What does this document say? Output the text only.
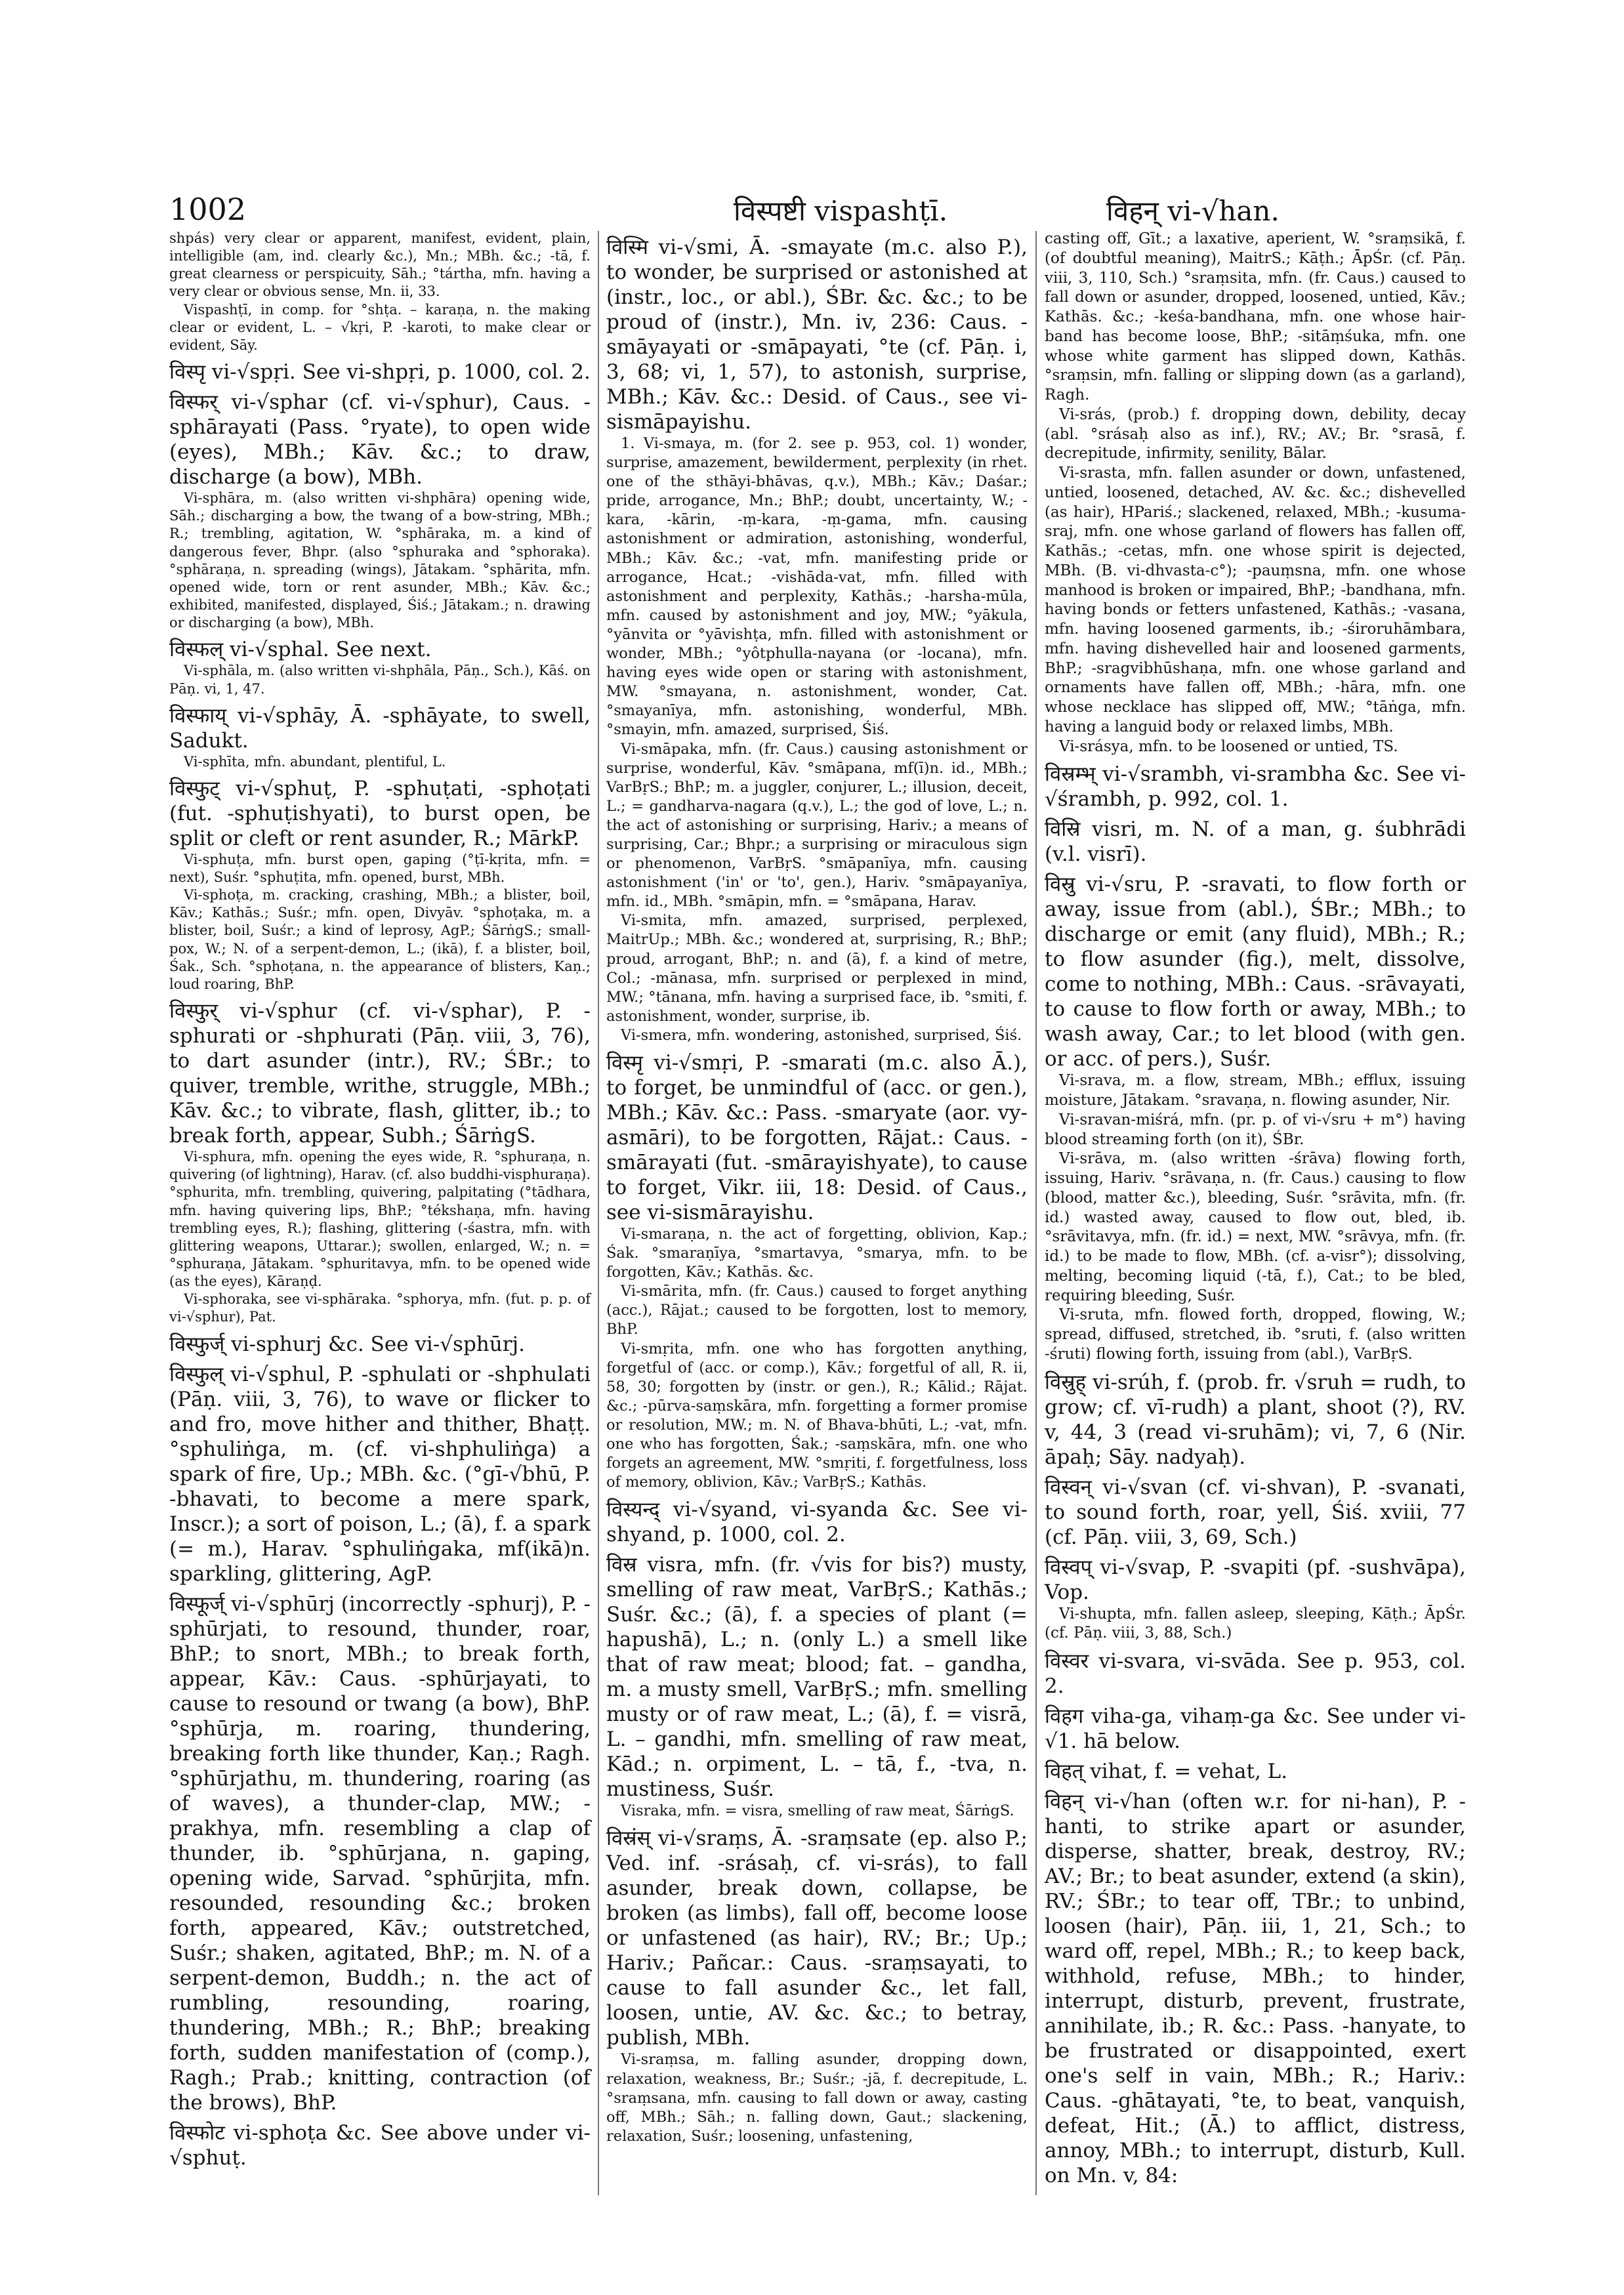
1002	विस्पष्टी vispashṭī.	विहन् vi-√han.

shpás) very clear or apparent, manifest, evident, plain, intelligible (am, ind. clearly &c.), Mn.; MBh. &c.; -tā, f. great clearness or perspicuity, Sāh.; °tártha, mfn. having a very clear or obvious sense, Mn. ii, 33.

Vispashṭī, in comp. for °shṭa. – karaṇa, n. the making clear or evident, L. – √kṛi, P. -karoti, to make clear or evident, Sāy.

विस्पृ vi-√spṛi. See vi-shpṛi, p. 1000, col. 2.

विस्फर् vi-√sphar (cf. vi-√sphur), Caus. -sphārayati (Pass. °ryate), to open wide (eyes), MBh.; Kāv. &c.; to draw, discharge (a bow), MBh.

Vi-sphāra, m. (also written vi-shphāra) opening wide, Sāh.; discharging a bow, the twang of a bow-string, MBh.; R.; trembling, agitation, W. °sphāraka, m. a kind of dangerous fever, Bhpr. (also °sphuraka and °sphoraka). °sphāraṇa, n. spreading (wings), Jātakam. °sphārita, mfn. opened wide, torn or rent asunder, MBh.; Kāv. &c.; exhibited, manifested, displayed, Śiś.; Jātakam.; n. drawing or discharging (a bow), MBh.

विस्फल् vi-√sphal. See next.

Vi-sphāla, m. (also written vi-shphāla, Pāṇ., Sch.), Kāś. on Pāṇ. vi, 1, 47.

विस्फाय् vi-√sphāy, Ā. -sphāyate, to swell, Sadukt.

Vi-sphīta, mfn. abundant, plentiful, L.

विस्फुट् vi-√sphuṭ, P. -sphuṭati, -sphoṭati (fut. -sphuṭishyati), to burst open, be split or cleft or rent asunder, R.; MārkP.

Vi-sphuṭa, mfn. burst open, gaping (°ṭī-kṛita, mfn. = next), Suśr. °sphuṭita, mfn. opened, burst, MBh.

Vi-sphoṭa, m. cracking, crashing, MBh.; a blister, boil, Kāv.; Kathās.; Suśr.; mfn. open, Divyāv. °sphoṭaka, m. a blister, boil, Suśr.; a kind of leprosy, AgP.; ŚārṅgS.; small-pox, W.; N. of a serpent-demon, L.; (ikā), f. a blister, boil, Śak., Sch. °sphoṭana, n. the appearance of blisters, Kaṇ.; loud roaring, BhP.

विस्फुर् vi-√sphur (cf. vi-√sphar), P. -sphurati or -shphurati (Pāṇ. viii, 3, 76), to dart asunder (intr.), RV.; ŚBr.; to quiver, tremble, writhe, struggle, MBh.; Kāv. &c.; to vibrate, flash, glitter, ib.; to break forth, appear, Subh.; ŚārṅgS.

Vi-sphura, mfn. opening the eyes wide, R. °sphuraṇa, n. quivering (of lightning), Harav. (cf. also buddhi-visphuraṇa). °sphurita, mfn. trembling, quivering, palpitating (°tādhara, mfn. having quivering lips, BhP.; °tékshaṇa, mfn. having trembling eyes, R.); flashing, glittering (-śastra, mfn. with glittering weapons, Uttarar.); swollen, enlarged, W.; n. = °sphuraṇa, Jātakam. °sphuritavya, mfn. to be opened wide (as the eyes), Kāraṇḍ.

Vi-sphoraka, see vi-sphāraka. °sphorya, mfn. (fut. p. p. of vi-√sphur), Pat.

विस्फुर्ज् vi-sphurj &c. See vi-√sphūrj.

विस्फुल् vi-√sphul, P. -sphulati or -shphulati (Pāṇ. viii, 3, 76), to wave or flicker to and fro, move hither and thither, Bhaṭṭ. °sphuliṅga, m. (cf. vi-shphuliṅga) a spark of fire, Up.; MBh. &c. (°gī-√bhū, P. -bhavati, to become a mere spark, Inscr.); a sort of poison, L.; (ā), f. a spark (= m.), Harav. °sphuliṅgaka, mf(ikā)n. sparkling, glittering, AgP.

विस्फूर्ज् vi-√sphūrj (incorrectly -sphurj), P. -sphūrjati, to resound, thunder, roar, BhP.; to snort, MBh.; to break forth, appear, Kāv.: Caus. -sphūrjayati, to cause to resound or twang (a bow), BhP. °sphūrja, m. roaring, thundering, breaking forth like thunder, Kaṇ.; Ragh. °sphūrjathu, m. thundering, roaring (as of waves), a thunder-clap, MW.; -prakhya, mfn. resembling a clap of thunder, ib. °sphūrjana, n. gaping, opening wide, Sarvad. °sphūrjita, mfn. resounded, resounding &c.; broken forth, appeared, Kāv.; outstretched, Suśr.; shaken, agitated, BhP.; m. N. of a serpent-demon, Buddh.; n. the act of rumbling, resounding, roaring, thundering, MBh.; R.; BhP.; breaking forth, sudden manifestation of (comp.), Ragh.; Prab.; knitting, contraction (of the brows), BhP.

विस्फोट vi-sphoṭa &c. See above under vi-√sphuṭ.

विस्मि vi-√smi, Ā. -smayate (m.c. also P.), to wonder, be surprised or astonished at (instr., loc., or abl.), ŚBr. &c. &c.; to be proud of (instr.), Mn. iv, 236: Caus. -smāyayati or -smāpayati, °te (cf. Pāṇ. i, 3, 68; vi, 1, 57), to astonish, surprise, MBh.; Kāv. &c.: Desid. of Caus., see vi-sismāpayishu.

1. Vi-smaya, m. (for 2. see p. 953, col. 1) wonder, surprise, amazement, bewilderment, perplexity (in rhet. one of the sthāyi-bhāvas, q.v.), MBh.; Kāv.; Daśar.; pride, arrogance, Mn.; BhP.; doubt, uncertainty, W.; -kara, -kārin, -ṃ-kara, -ṃ-gama, mfn. causing astonishment or admiration, astonishing, wonderful, MBh.; Kāv. &c.; -vat, mfn. manifesting pride or arrogance, Hcat.; -vishāda-vat, mfn. filled with astonishment and perplexity, Kathās.; -harsha-mūla, mfn. caused by astonishment and joy, MW.; °yākula, °yānvita or °yāvishṭa, mfn. filled with astonishment or wonder, MBh.; °yôtphulla-nayana (or -locana), mfn. having eyes wide open or staring with astonishment, MW. °smayana, n. astonishment, wonder, Cat. °smayanīya, mfn. astonishing, wonderful, MBh. °smayin, mfn. amazed, surprised, Śiś.

Vi-smāpaka, mfn. (fr. Caus.) causing astonishment or surprise, wonderful, Kāv. °smāpana, mf(ī)n. id., MBh.; VarBṛS.; BhP.; m. a juggler, conjurer, L.; illusion, deceit, L.; = gandharva-nagara (q.v.), L.; the god of love, L.; n. the act of astonishing or surprising, Hariv.; a means of surprising, Car.; Bhpr.; a surprising or miraculous sign or phenomenon, VarBṛS. °smāpanīya, mfn. causing astonishment ('in' or 'to', gen.), Hariv. °smāpayanīya, mfn. id., MBh. °smāpin, mfn. = °smāpana, Harav.

Vi-smita, mfn. amazed, surprised, perplexed, MaitrUp.; MBh. &c.; wondered at, surprising, R.; BhP.; proud, arrogant, BhP.; n. and (ā), f. a kind of metre, Col.; -mānasa, mfn. surprised or perplexed in mind, MW.; °tānana, mfn. having a surprised face, ib. °smiti, f. astonishment, wonder, surprise, ib.

Vi-smera, mfn. wondering, astonished, surprised, Śiś.

विस्मृ vi-√smṛi, P. -smarati (m.c. also Ā.), to forget, be unmindful of (acc. or gen.), MBh.; Kāv. &c.: Pass. -smaryate (aor. vy-asmāri), to be forgotten, Rājat.: Caus. -smārayati (fut. -smārayishyate), to cause to forget, Vikr. iii, 18: Desid. of Caus., see vi-sismārayishu.

Vi-smaraṇa, n. the act of forgetting, oblivion, Kap.; Śak. °smaraṇīya, °smartavya, °smarya, mfn. to be forgotten, Kāv.; Kathās. &c.

Vi-smārita, mfn. (fr. Caus.) caused to forget anything (acc.), Rājat.; caused to be forgotten, lost to memory, BhP.

Vi-smṛita, mfn. one who has forgotten anything, forgetful of (acc. or comp.), Kāv.; forgetful of all, R. ii, 58, 30; forgotten by (instr. or gen.), R.; Kālid.; Rājat. &c.; -pūrva-saṃskāra, mfn. forgetting a former promise or resolution, MW.; m. N. of Bhava-bhūti, L.; -vat, mfn. one who has forgotten, Śak.; -saṃskāra, mfn. one who forgets an agreement, MW. °smṛiti, f. forgetfulness, loss of memory, oblivion, Kāv.; VarBṛS.; Kathās.

विस्यन्द् vi-√syand, vi-syanda &c. See vi-shyand, p. 1000, col. 2.

विस्र visra, mfn. (fr. √vis for bis?) musty, smelling of raw meat, VarBṛS.; Kathās.; Suśr. &c.; (ā), f. a species of plant (= hapushā), L.; n. (only L.) a smell like that of raw meat; blood; fat. – gandha, m. a musty smell, VarBṛS.; mfn. smelling musty or of raw meat, L.; (ā), f. = visrā, L. – gandhi, mfn. smelling of raw meat, Kād.; n. orpiment, L. – tā, f., -tva, n. mustiness, Suśr.

Visraka, mfn. = visra, smelling of raw meat, ŚārṅgS.

विस्रंस् vi-√sraṃs, Ā. -sraṃsate (ep. also P.; Ved. inf. -srásaḥ, cf. vi-srás), to fall asunder, break down, collapse, be broken (as limbs), fall off, become loose or unfastened (as hair), RV.; Br.; Up.; Hariv.; Pañcar.: Caus. -sraṃsayati, to cause to fall asunder &c., let fall, loosen, untie, AV. &c. &c.; to betray, publish, MBh.

Vi-sraṃsa, m. falling asunder, dropping down, relaxation, weakness, Br.; Suśr.; -jā, f. decrepitude, L. °sraṃsana, mfn. causing to fall down or away, casting off, MBh.; Sāh.; n. falling down, Gaut.; slackening, relaxation, Suśr.; loosening, unfastening,

casting off, Gīt.; a laxative, aperient, W. °sraṃsikā, f. (of doubtful meaning), MaitrS.; Kāṭh.; ĀpŚr. (cf. Pāṇ. viii, 3, 110, Sch.) °sraṃsita, mfn. (fr. Caus.) caused to fall down or asunder, dropped, loosened, untied, Kāv.; Kathās. &c.; -keśa-bandhana, mfn. one whose hair-band has become loose, BhP.; -sitāṃśuka, mfn. one whose white garment has slipped down, Kathās. °sraṃsin, mfn. falling or slipping down (as a garland), Ragh.

Vi-srás, (prob.) f. dropping down, debility, decay (abl. °srásaḥ also as inf.), RV.; AV.; Br. °srasā, f. decrepitude, infirmity, senility, Bālar.

Vi-srasta, mfn. fallen asunder or down, unfastened, untied, loosened, detached, AV. &c. &c.; dishevelled (as hair), HPariś.; slackened, relaxed, MBh.; -kusuma-sraj, mfn. one whose garland of flowers has fallen off, Kathās.; -cetas, mfn. one whose spirit is dejected, MBh. (B. vi-dhvasta-c°); -pauṃsna, mfn. one whose manhood is broken or impaired, BhP.; -bandhana, mfn. having bonds or fetters unfastened, Kathās.; -vasana, mfn. having loosened garments, ib.; -śiroruhāmbara, mfn. having dishevelled hair and loosened garments, BhP.; -sragvibhūshaṇa, mfn. one whose garland and ornaments have fallen off, MBh.; -hāra, mfn. one whose necklace has slipped off, MW.; °tāṅga, mfn. having a languid body or relaxed limbs, MBh.

Vi-srásya, mfn. to be loosened or untied, TS.

विस्रम्भ् vi-√srambh, vi-srambha &c. See vi-√śrambh, p. 992, col. 1.

विस्रि visri, m. N. of a man, g. śubhrādi (v.l. visrī).

विस्रु vi-√sru, P. -sravati, to flow forth or away, issue from (abl.), ŚBr.; MBh.; to discharge or emit (any fluid), MBh.; R.; to flow asunder (fig.), melt, dissolve, come to nothing, MBh.: Caus. -srāvayati, to cause to flow forth or away, MBh.; to wash away, Car.; to let blood (with gen. or acc. of pers.), Suśr.

Vi-srava, m. a flow, stream, MBh.; efflux, issuing moisture, Jātakam. °sravaṇa, n. flowing asunder, Nir.

Vi-sravan-miśrá, mfn. (pr. p. of vi-√sru + m°) having blood streaming forth (on it), ŚBr.

Vi-srāva, m. (also written -śrāva) flowing forth, issuing, Hariv. °srāvaṇa, n. (fr. Caus.) causing to flow (blood, matter &c.), bleeding, Suśr. °srāvita, mfn. (fr. id.) wasted away, caused to flow out, bled, ib. °srāvitavya, mfn. (fr. id.) = next, MW. °srāvya, mfn. (fr. id.) to be made to flow, MBh. (cf. a-visr°); dissolving, melting, becoming liquid (-tā, f.), Cat.; to be bled, requiring bleeding, Suśr.

Vi-sruta, mfn. flowed forth, dropped, flowing, W.; spread, diffused, stretched, ib. °sruti, f. (also written -śruti) flowing forth, issuing from (abl.), VarBṛS.

विस्रुह् vi-srúh, f. (prob. fr. √sruh = rudh, to grow; cf. vī-rudh) a plant, shoot (?), RV. v, 44, 3 (read vi-sruhām); vi, 7, 6 (Nir. āpaḥ; Sāy. nadyaḥ).

विस्वन् vi-√svan (cf. vi-shvan), P. -svanati, to sound forth, roar, yell, Śiś. xviii, 77 (cf. Pāṇ. viii, 3, 69, Sch.)

विस्वप् vi-√svap, P. -svapiti (pf. -sushvāpa), Vop.

Vi-shupta, mfn. fallen asleep, sleeping, Kāṭh.; ĀpŚr. (cf. Pāṇ. viii, 3, 88, Sch.)

विस्वर vi-svara, vi-svāda. See p. 953, col. 2.

विहग viha-ga, vihaṃ-ga &c. See under vi-√1. hā below.

विहत् vihat, f. = vehat, L.

विहन् vi-√han (often w.r. for ni-han), P. -hanti, to strike apart or asunder, disperse, shatter, break, destroy, RV.; AV.; Br.; to beat asunder, extend (a skin), RV.; ŚBr.; to tear off, TBr.; to unbind, loosen (hair), Pāṇ. iii, 1, 21, Sch.; to ward off, repel, MBh.; R.; to keep back, withhold, refuse, MBh.; to hinder, interrupt, disturb, prevent, frustrate, annihilate, ib.; R. &c.: Pass. -hanyate, to be frustrated or disappointed, exert one's self in vain, MBh.; R.; Hariv.: Caus. -ghātayati, °te, to beat, vanquish, defeat, Hit.; (Ā.) to afflict, distress, annoy, MBh.; to interrupt, disturb, Kull. on Mn. v, 84:
